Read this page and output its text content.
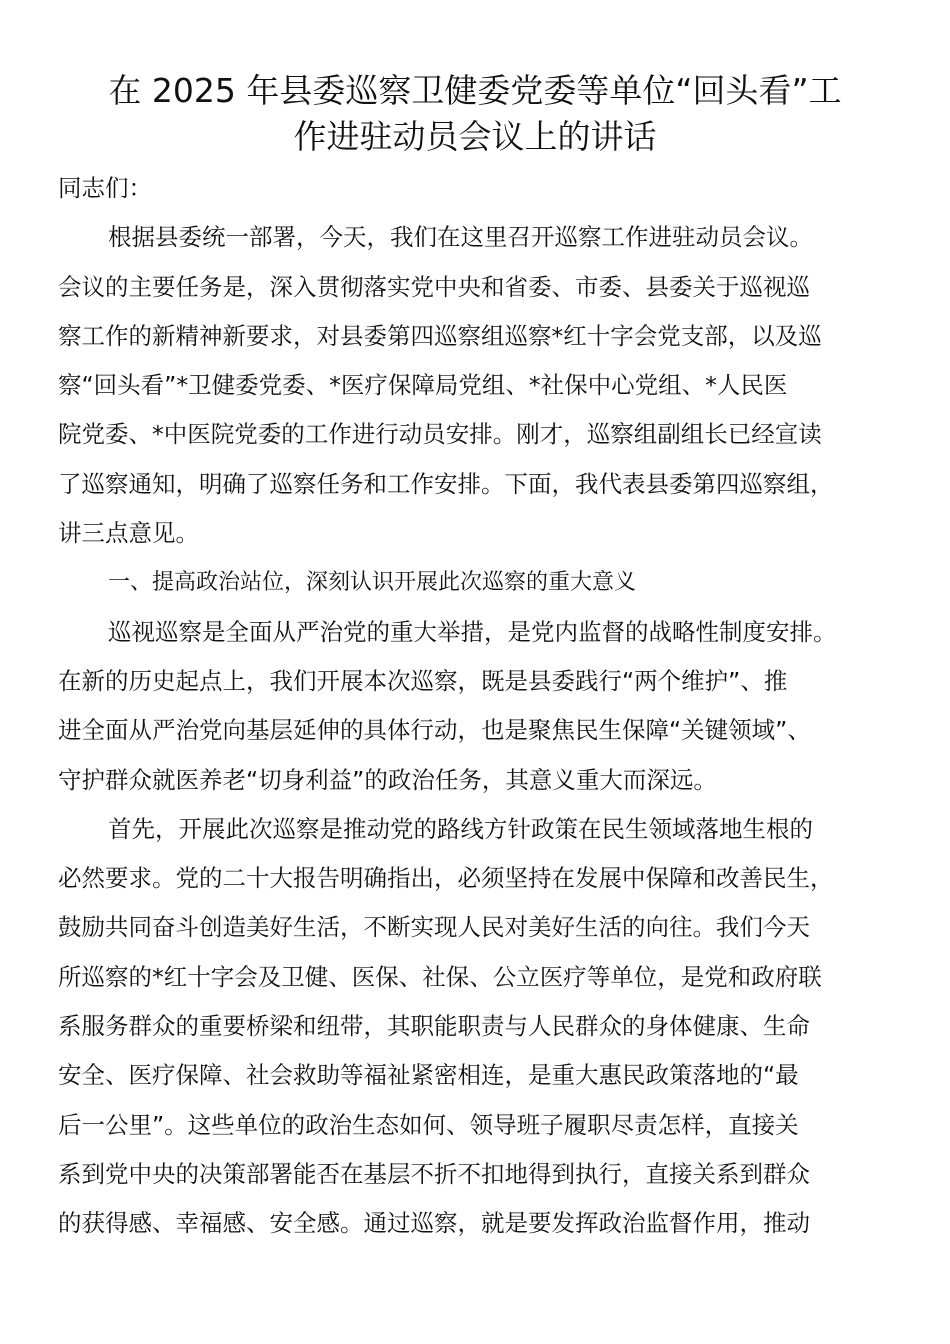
在 2025 年县委巡察卫健委党委等单位“回头看”工
作进驻动员会议上的讲话
同志们：
根据县委统一部署，今天，我们在这里召开巡察工作进驻动员会议。
会议的主要任务是，深入贯彻落实党中央和省委、市委、县委关于巡视巡
察工作的新精神新要求，对县委第四巡察组巡察*红十字会党支部，以及巡
察“回头看”*卫健委党委、*医疗保障局党组、*社保中心党组、*人民医
院党委、*中医院党委的工作进行动员安排。刚才，巡察组副组长已经宣读
了巡察通知，明确了巡察任务和工作安排。下面，我代表县委第四巡察组，
讲三点意见。
一、提高政治站位，深刻认识开展此次巡察的重大意义
巡视巡察是全面从严治党的重大举措，是党内监督的战略性制度安排。
在新的历史起点上，我们开展本次巡察，既是县委践行“两个维护”、推
进全面从严治党向基层延伸的具体行动，也是聚焦民生保障“关键领域”、
守护群众就医养老“切身利益”的政治任务，其意义重大而深远。
首先，开展此次巡察是推动党的路线方针政策在民生领域落地生根的
必然要求。党的二十大报告明确指出，必须坚持在发展中保障和改善民生，
鼓励共同奋斗创造美好生活，不断实现人民对美好生活的向往。我们今天
所巡察的*红十字会及卫健、医保、社保、公立医疗等单位，是党和政府联
系服务群众的重要桥梁和纽带，其职能职责与人民群众的身体健康、生命
安全、医疗保障、社会救助等福祉紧密相连，是重大惠民政策落地的“最
后一公里”。这些单位的政治生态如何、领导班子履职尽责怎样，直接关
系到党中央的决策部署能否在基层不折不扣地得到执行，直接关系到群众
的获得感、幸福感、安全感。通过巡察，就是要发挥政治监督作用，推动
